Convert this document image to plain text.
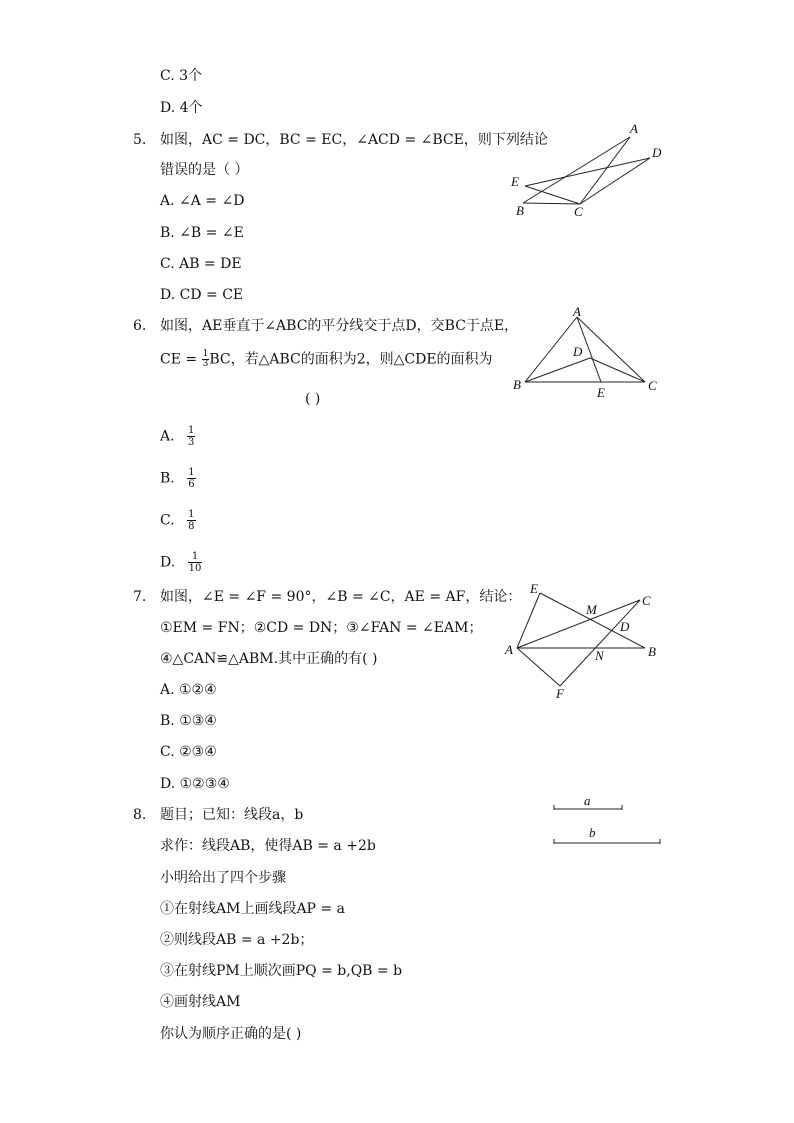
C. 3个
D. 4个
5. 如图，AC = DC，BC = EC，∠ACD = ∠BCE，则下列结论
错误的是（ ）
A. ∠A = ∠D
B. ∠B = ∠E
C. AB = DE
D. CD = CE
A
D
E
B	C
6. 如图，AE垂直于∠ABC的平分线交于点D，交BC于点E，
CE = $\frac{1}{3}$ BC，若△ABC的面积为2，则△CDE的面积为
( )
A. $\frac{1}{3}$
B. $\frac{1}{6}$
C. $\frac{1}{8}$
D. $\frac{1}{10}$
A
D
B
E	C
7. 如图，∠E = ∠F = 90°，∠B = ∠C，AE = AF，结论：
①EM = FN；②CD = DN；③∠FAN = ∠EAM；
④△CAN≌△ABM.其中正确的有( )
A. ①②④
B. ①③④
C. ②③④
D. ①②③④
E
M
C
D
A	N	B
F
8. 题目；已知：线段a，b
求作：线段AB，使得AB = a +2b
小明给出了四个步骤
①在射线AM上画线段AP = a
②则线段AB = a +2b；
③在射线PM上顺次画PQ = b,QB = b
④画射线AM
你认为顺序正确的是( )
a
b
